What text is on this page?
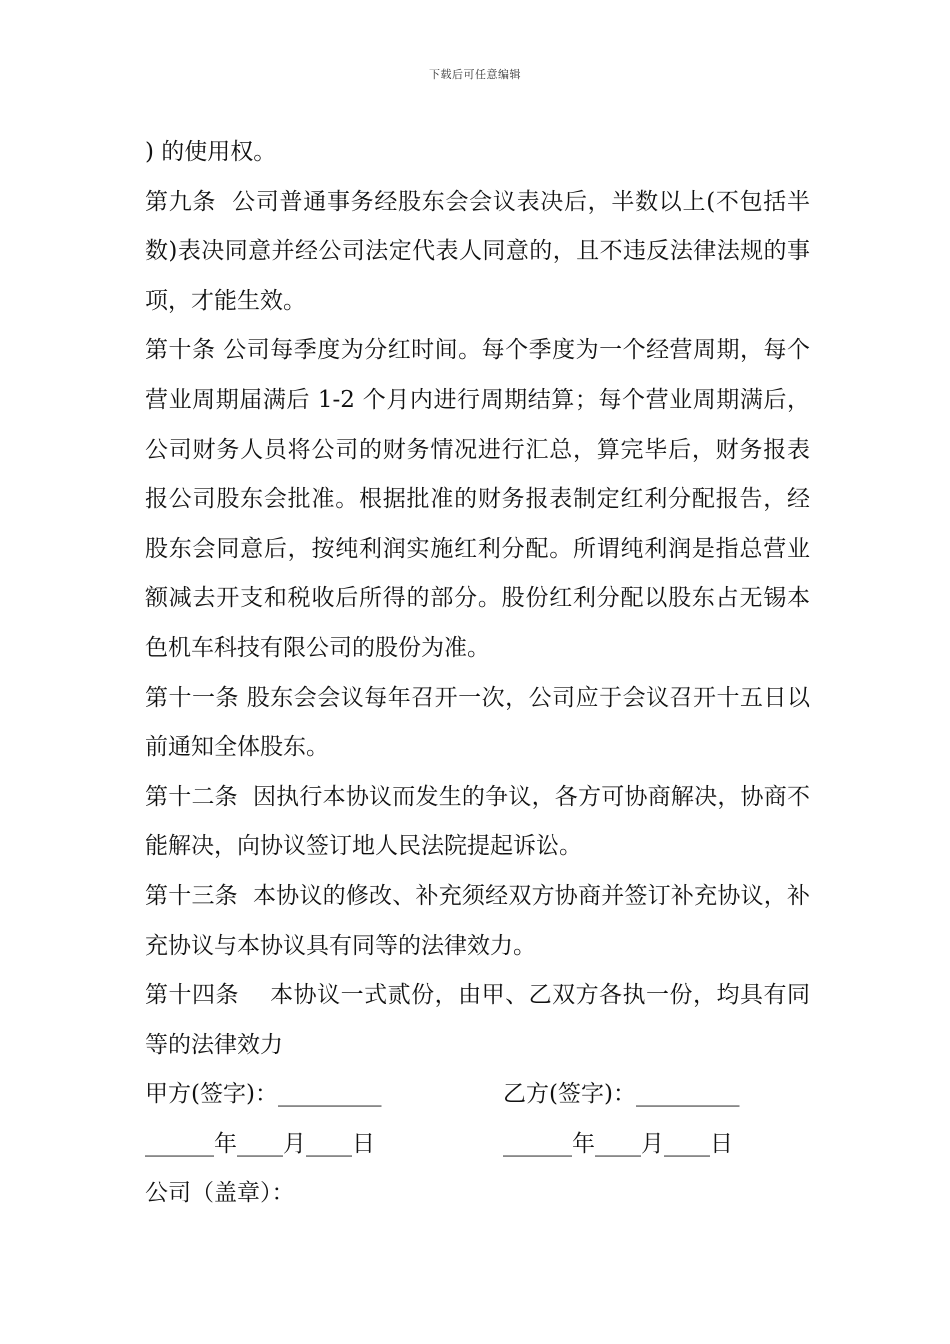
下载后可任意编辑

) 的使用权。

第九条  公司普通事务经股东会会议表决后，半数以上(不包括半数)表决同意并经公司法定代表人同意的，且不违反法律法规的事项，才能生效。

第十条 公司每季度为分红时间。每个季度为一个经营周期，每个营业周期届满后 1-2 个月内进行周期结算；每个营业周期满后，公司财务人员将公司的财务情况进行汇总，算完毕后，财务报表报公司股东会批准。根据批准的财务报表制定红利分配报告，经股东会同意后，按纯利润实施红利分配。所谓纯利润是指总营业额减去开支和税收后所得的部分。股份红利分配以股东占无锡本色机车科技有限公司的股份为准。

第十一条 股东会会议每年召开一次，公司应于会议召开十五日以前通知全体股东。

第十二条  因执行本协议而发生的争议，各方可协商解决，协商不能解决，向协议签订地人民法院提起诉讼。

第十三条  本协议的修改、补充须经双方协商并签订补充协议，补充协议与本协议具有同等的法律效力。

第十四条    本协议一式贰份，由甲、乙双方各执一份，均具有同等的法律效力

甲方(签字)：_________

	乙方(签字)：_________

______年____月____日

	______年____月____日

公司（盖章）：
